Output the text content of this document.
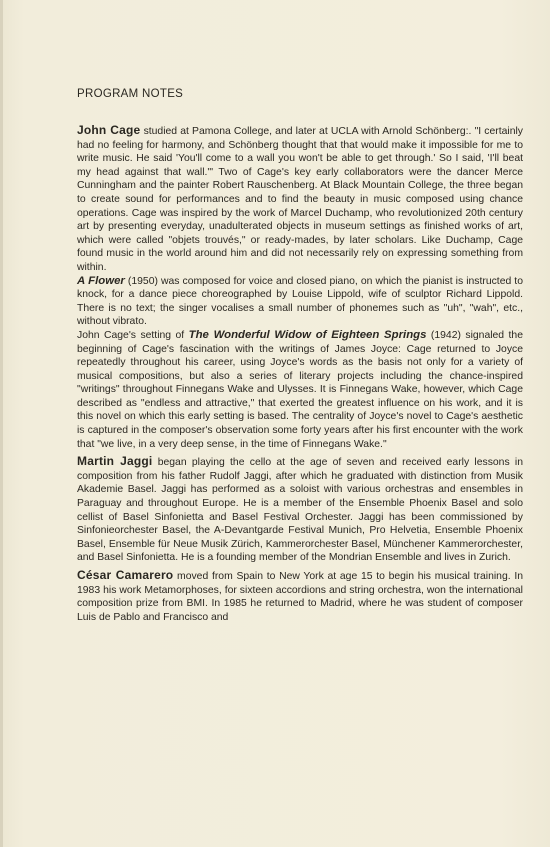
PROGRAM NOTES

John Cage studied at Pamona College, and later at UCLA with Arnold Schönberg:. "I certainly had no feeling for harmony, and Schönberg thought that that would make it impossible for me to write music. He said 'You'll come to a wall you won't be able to get through.' So I said, 'I'll beat my head against that wall.'" Two of Cage's key early collaborators were the dancer Merce Cunningham and the painter Robert Rauschenberg. At Black Mountain College, the three began to create sound for performances and to find the beauty in music composed using chance operations. Cage was inspired by the work of Marcel Duchamp, who revolutionized 20th century art by presenting everyday, unadulterated objects in museum settings as finished works of art, which were called "objets trouvés," or ready-mades, by later scholars. Like Duchamp, Cage found music in the world around him and did not necessarily rely on expressing something from within.

A Flower (1950) was composed for voice and closed piano, on which the pianist is instructed to knock, for a dance piece choreographed by Louise Lippold, wife of sculptor Richard Lippold. There is no text; the singer vocalises a small number of phonemes such as "uh", "wah", etc., without vibrato.

John Cage's setting of The Wonderful Widow of Eighteen Springs (1942) signaled the beginning of Cage's fascination with the writings of James Joyce: Cage returned to Joyce repeatedly throughout his career, using Joyce's words as the basis not only for a variety of musical compositions, but also a series of literary projects including the chance-inspired "writings" throughout Finnegans Wake and Ulysses. It is Finnegans Wake, however, which Cage described as "endless and attractive," that exerted the greatest influence on his work, and it is this novel on which this early setting is based. The centrality of Joyce's novel to Cage's aesthetic is captured in the composer's observation some forty years after his first encounter with the work that "we live, in a very deep sense, in the time of Finnegans Wake."

Martin Jaggi began playing the cello at the age of seven and received early lessons in composition from his father Rudolf Jaggi, after which he graduated with distinction from Musik Akademie Basel. Jaggi has performed as a soloist with various orchestras and ensembles in Paraguay and throughout Europe. He is a member of the Ensemble Phoenix Basel and solo cellist of Basel Sinfonietta and Basel Festival Orchester. Jaggi has been commissioned by Sinfonieorchester Basel, the A-Devantgarde Festival Munich, Pro Helvetia, Ensemble Phoenix Basel, Ensemble für Neue Musik Zürich, Kammerorchester Basel, Münchener Kammerorchester, and Basel Sinfonietta. He is a founding member of the Mondrian Ensemble and lives in Zurich.

César Camarero moved from Spain to New York at age 15 to begin his musical training. In 1983 his work Metamorphoses, for sixteen accordions and string orchestra, won the international composition prize from BMI. In 1985 he returned to Madrid, where he was student of composer Luis de Pablo and Francisco and
